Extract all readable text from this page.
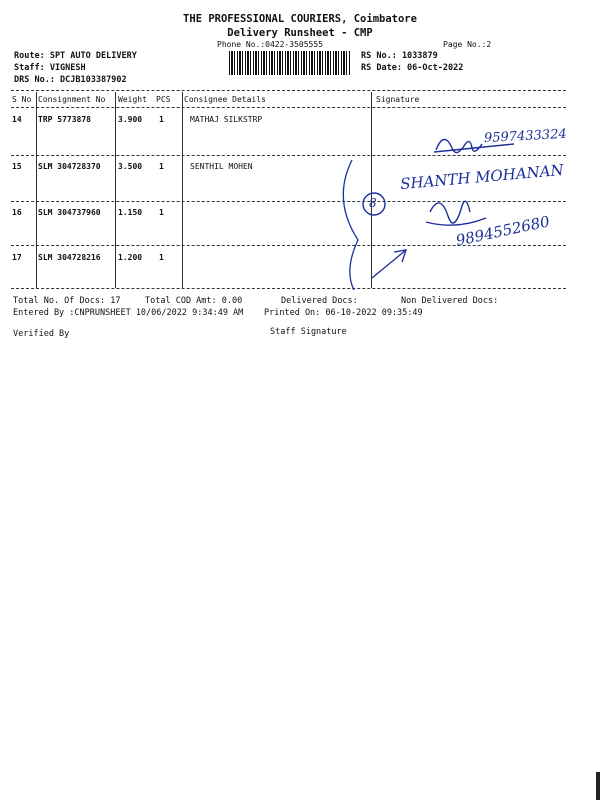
THE PROFESSIONAL COURIERS, Coimbatore
Delivery Runsheet - CMP
Phone No.:0422-3505555	Page No.:2
Route: SPT AUTO DELIVERY
Staff: VIGNESH
DRS No.: DCJB103387902
RS No.: 1033879
RS Date: 06-Oct-2022
S No Consignment No Weight PCS Consignee Details	Signature
14 TRP 5773878	3.900 1	MATHAJ SILKSTRP
15 SLM 304728370 3.500 1	SENTHIL MOHEN
16 SLM 304737960 1.150 1
17 SLM 304728216 1.200 1
9597433324
SHANTH MOHANAN
8
9894552680
Total No. Of Docs: 17	Total COD Amt: 0.00	Delivered Docs:	Non Delivered Docs:
Entered By :CNPRUNSHEET 10/06/2022 9:34:49 AM Printed On: 06-10-2022 09:35:49
Verified By	Staff Signature
